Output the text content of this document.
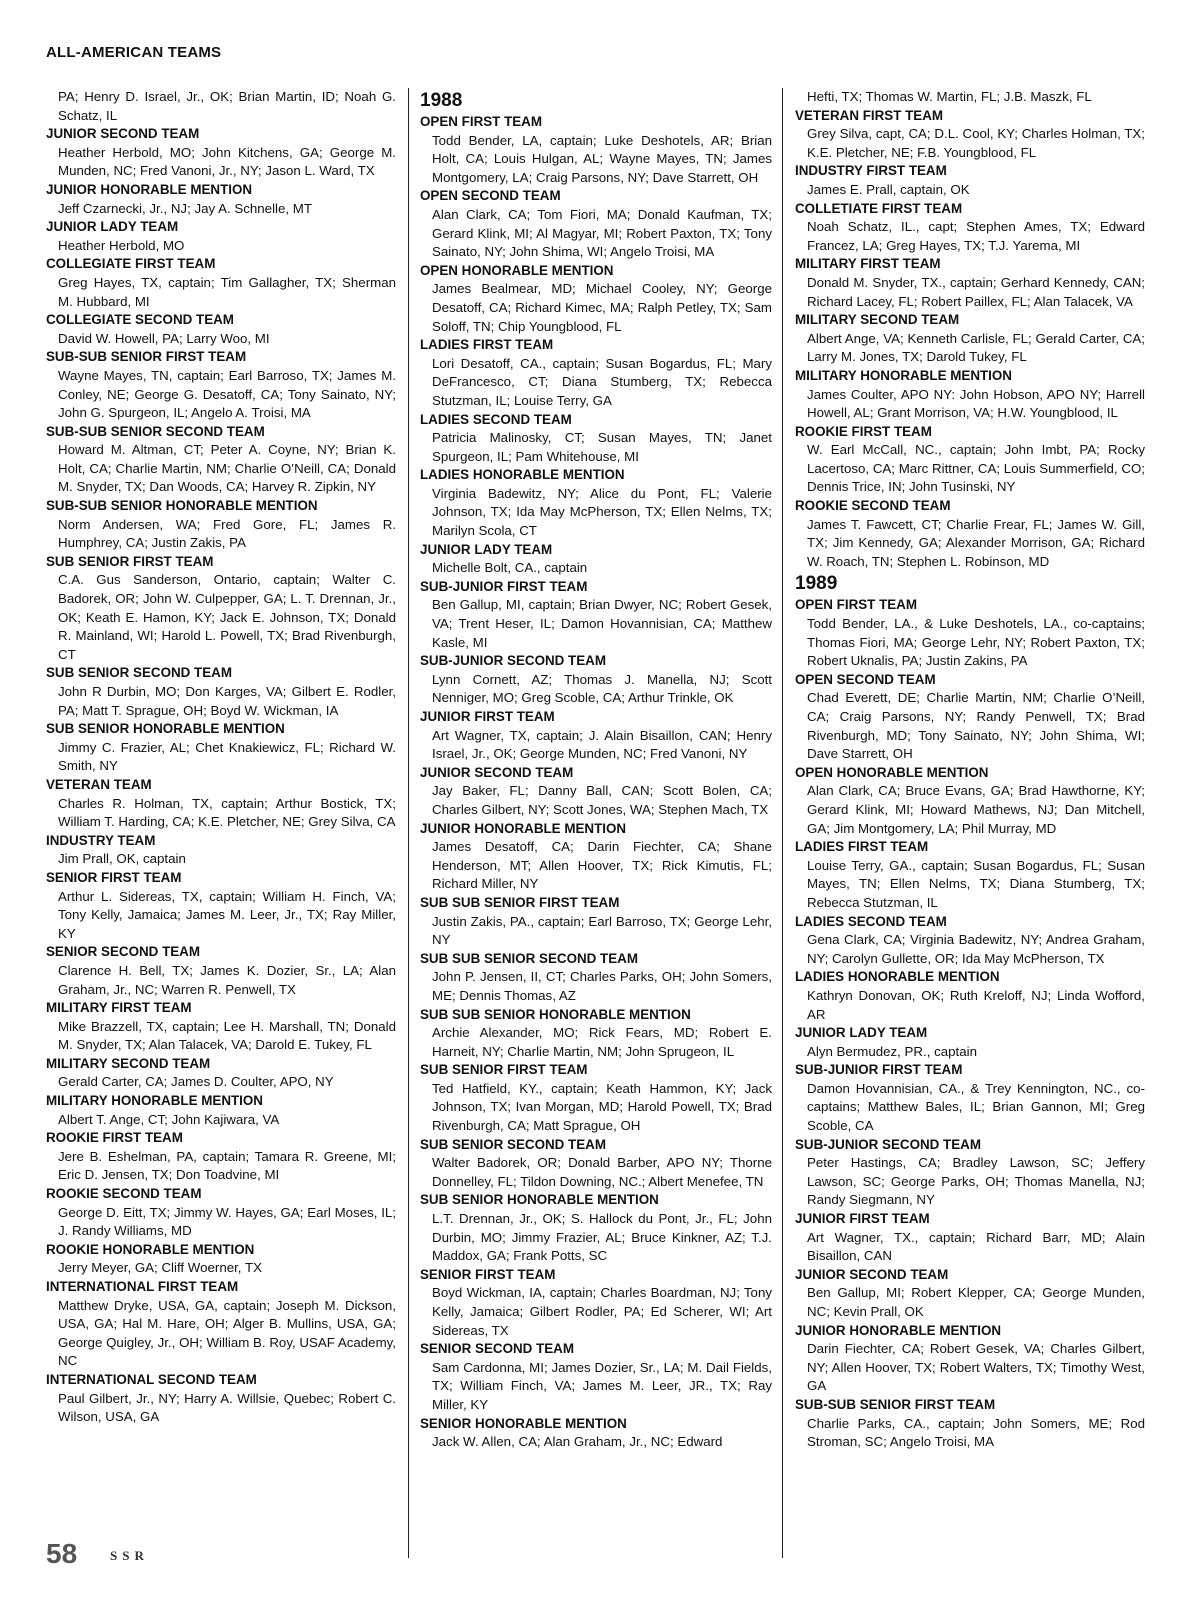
ALL-AMERICAN TEAMS
PA; Henry D. Israel, Jr., OK; Brian Martin, ID; Noah G. Schatz, IL
JUNIOR SECOND TEAM
Heather Herbold, MO; John Kitchens, GA; George M. Munden, NC; Fred Vanoni, Jr., NY; Jason L. Ward, TX
JUNIOR HONORABLE MENTION
Jeff Czarnecki, Jr., NJ; Jay A. Schnelle, MT
JUNIOR LADY TEAM
Heather Herbold, MO
COLLEGIATE FIRST TEAM
Greg Hayes, TX, captain; Tim Gallagher, TX; Sherman M. Hubbard, MI
COLLEGIATE SECOND TEAM
David W. Howell, PA; Larry Woo, MI
SUB-SUB SENIOR FIRST TEAM
Wayne Mayes, TN, captain; Earl Barroso, TX; James M. Conley, NE; George G. Desatoff, CA; Tony Sainato, NY; John G. Spurgeon, IL; Angelo A. Troisi, MA
SUB-SUB SENIOR SECOND TEAM
Howard M. Altman, CT; Peter A. Coyne, NY; Brian K. Holt, CA; Charlie Martin, NM; Charlie O’Neill, CA; Donald M. Snyder, TX; Dan Woods, CA; Harvey R. Zipkin, NY
SUB-SUB SENIOR HONORABLE MENTION
Norm Andersen, WA; Fred Gore, FL; James R. Humphrey, CA; Justin Zakis, PA
SUB SENIOR FIRST TEAM
C.A. Gus Sanderson, Ontario, captain; Walter C. Badorek, OR; John W. Culpepper, GA; L. T. Drennan, Jr., OK; Keath E. Hamon, KY; Jack E. Johnson, TX; Donald R. Mainland, WI; Harold L. Powell, TX; Brad Rivenburgh, CT
SUB SENIOR SECOND TEAM
John R Durbin, MO; Don Karges, VA; Gilbert E. Rodler, PA; Matt T. Sprague, OH; Boyd W. Wickman, IA
SUB SENIOR HONORABLE MENTION
Jimmy C. Frazier, AL; Chet Knakiewicz, FL; Richard W. Smith, NY
VETERAN TEAM
Charles R. Holman, TX, captain; Arthur Bostick, TX; William T. Harding, CA; K.E. Pletcher, NE; Grey Silva, CA
INDUSTRY TEAM
Jim Prall, OK, captain
SENIOR FIRST TEAM
Arthur L. Sidereas, TX, captain; William H. Finch, VA; Tony Kelly, Jamaica; James M. Leer, Jr., TX; Ray Miller, KY
SENIOR SECOND TEAM
Clarence H. Bell, TX; James K. Dozier, Sr., LA; Alan Graham, Jr., NC; Warren R. Penwell, TX
MILITARY FIRST TEAM
Mike Brazzell, TX, captain; Lee H. Marshall, TN; Donald M. Snyder, TX; Alan Talacek, VA; Darold E. Tukey, FL
MILITARY SECOND TEAM
Gerald Carter, CA; James D. Coulter, APO, NY
MILITARY HONORABLE MENTION
Albert T. Ange, CT; John Kajiwara, VA
ROOKIE FIRST TEAM
Jere B. Eshelman, PA, captain; Tamara R. Greene, MI; Eric D. Jensen, TX; Don Toadvine, MI
ROOKIE SECOND TEAM
George D. Eitt, TX; Jimmy W. Hayes, GA; Earl Moses, IL; J. Randy Williams, MD
ROOKIE HONORABLE MENTION
Jerry Meyer, GA; Cliff Woerner, TX
INTERNATIONAL FIRST TEAM
Matthew Dryke, USA, GA, captain; Joseph M. Dickson, USA, GA; Hal M. Hare, OH; Alger B. Mullins, USA, GA; George Quigley, Jr., OH; William B. Roy, USAF Academy, NC
INTERNATIONAL SECOND TEAM
Paul Gilbert, Jr., NY; Harry A. Willsie, Quebec; Robert C. Wilson, USA, GA
1988
OPEN FIRST TEAM
Todd Bender, LA, captain; Luke Deshotels, AR; Brian Holt, CA; Louis Hulgan, AL; Wayne Mayes, TN; James Montgomery, LA; Craig Parsons, NY; Dave Starrett, OH
OPEN SECOND TEAM
Alan Clark, CA; Tom Fiori, MA; Donald Kaufman, TX; Gerard Klink, MI; Al Magyar, MI; Robert Paxton, TX; Tony Sainato, NY; John Shima, WI; Angelo Troisi, MA
OPEN HONORABLE MENTION
James Bealmear, MD; Michael Cooley, NY; George Desatoff, CA; Richard Kimec, MA; Ralph Petley, TX; Sam Soloff, TN; Chip Youngblood, FL
LADIES FIRST TEAM
Lori Desatoff, CA., captain; Susan Bogardus, FL; Mary DeFrancesco, CT; Diana Stumberg, TX; Rebecca Stutzman, IL; Louise Terry, GA
LADIES SECOND TEAM
Patricia Malinosky, CT; Susan Mayes, TN; Janet Spurgeon, IL; Pam Whitehouse, MI
LADIES HONORABLE MENTION
Virginia Badewitz, NY; Alice du Pont, FL; Valerie Johnson, TX; Ida May McPherson, TX; Ellen Nelms, TX; Marilyn Scola, CT
JUNIOR LADY TEAM
Michelle Bolt, CA., captain
SUB-JUNIOR FIRST TEAM
Ben Gallup, MI, captain; Brian Dwyer, NC; Robert Gesek, VA; Trent Heser, IL; Damon Hovannisian, CA; Matthew Kasle, MI
SUB-JUNIOR SECOND TEAM
Lynn Cornett, AZ; Thomas J. Manella, NJ; Scott Nenniger, MO; Greg Scoble, CA; Arthur Trinkle, OK
JUNIOR FIRST TEAM
Art Wagner, TX, captain; J. Alain Bisaillon, CAN; Henry Israel, Jr., OK; George Munden, NC; Fred Vanoni, NY
JUNIOR SECOND TEAM
Jay Baker, FL; Danny Ball, CAN; Scott Bolen, CA; Charles Gilbert, NY; Scott Jones, WA; Stephen Mach, TX
JUNIOR HONORABLE MENTION
James Desatoff, CA; Darin Fiechter, CA; Shane Henderson, MT; Allen Hoover, TX; Rick Kimutis, FL; Richard Miller, NY
SUB SUB SENIOR FIRST TEAM
Justin Zakis, PA., captain; Earl Barroso, TX; George Lehr, NY
SUB SUB SENIOR SECOND TEAM
John P. Jensen, II, CT; Charles Parks, OH; John Somers, ME; Dennis Thomas, AZ
SUB SUB SENIOR HONORABLE MENTION
Archie Alexander, MO; Rick Fears, MD; Robert E. Harneit, NY; Charlie Martin, NM; John Sprugeon, IL
SUB SENIOR FIRST TEAM
Ted Hatfield, KY., captain; Keath Hammon, KY; Jack Johnson, TX; Ivan Morgan, MD; Harold Powell, TX; Brad Rivenburgh, CA; Matt Sprague, OH
SUB SENIOR SECOND TEAM
Walter Badorek, OR; Donald Barber, APO NY; Thorne Donnelley, FL; Tildon Downing, NC.; Albert Menefee, TN
SUB SENIOR HONORABLE MENTION
L.T. Drennan, Jr., OK; S. Hallock du Pont, Jr., FL; John Durbin, MO; Jimmy Frazier, AL; Bruce Kinkner, AZ; T.J. Maddox, GA; Frank Potts, SC
SENIOR FIRST TEAM
Boyd Wickman, IA, captain; Charles Boardman, NJ; Tony Kelly, Jamaica; Gilbert Rodler, PA; Ed Scherer, WI; Art Sidereas, TX
SENIOR SECOND TEAM
Sam Cardonna, MI; James Dozier, Sr., LA; M. Dail Fields, TX; William Finch, VA; James M. Leer, JR., TX; Ray Miller, KY
SENIOR HONORABLE MENTION
Jack W. Allen, CA; Alan Graham, Jr., NC; Edward
Hefti, TX; Thomas W. Martin, FL; J.B. Maszk, FL
VETERAN FIRST TEAM
Grey Silva, capt, CA; D.L. Cool, KY; Charles Holman, TX; K.E. Pletcher, NE; F.B. Youngblood, FL
INDUSTRY FIRST TEAM
James E. Prall, captain, OK
COLLETIATE FIRST TEAM
Noah Schatz, IL., capt; Stephen Ames, TX; Edward Francez, LA; Greg Hayes, TX; T.J. Yarema, MI
MILITARY FIRST TEAM
Donald M. Snyder, TX., captain; Gerhard Kennedy, CAN; Richard Lacey, FL; Robert Paillex, FL; Alan Talacek, VA
MILITARY SECOND TEAM
Albert Ange, VA; Kenneth Carlisle, FL; Gerald Carter, CA; Larry M. Jones, TX; Darold Tukey, FL
MILITARY HONORABLE MENTION
James Coulter, APO NY: John Hobson, APO NY; Harrell Howell, AL; Grant Morrison, VA; H.W. Youngblood, IL
ROOKIE FIRST TEAM
W. Earl McCall, NC., captain; John Imbt, PA; Rocky Lacertoso, CA; Marc Rittner, CA; Louis Summerfield, CO; Dennis Trice, IN; John Tusinski, NY
ROOKIE SECOND TEAM
James T. Fawcett, CT; Charlie Frear, FL; James W. Gill, TX; Jim Kennedy, GA; Alexander Morrison, GA; Richard W. Roach, TN; Stephen L. Robinson, MD
1989
OPEN FIRST TEAM
Todd Bender, LA., & Luke Deshotels, LA., co-captains; Thomas Fiori, MA; George Lehr, NY; Robert Paxton, TX; Robert Uknalis, PA; Justin Zakins, PA
OPEN SECOND TEAM
Chad Everett, DE; Charlie Martin, NM; Charlie O’Neill, CA; Craig Parsons, NY; Randy Penwell, TX; Brad Rivenburgh, MD; Tony Sainato, NY; John Shima, WI; Dave Starrett, OH
OPEN HONORABLE MENTION
Alan Clark, CA; Bruce Evans, GA; Brad Hawthorne, KY; Gerard Klink, MI; Howard Mathews, NJ; Dan Mitchell, GA; Jim Montgomery, LA; Phil Murray, MD
LADIES FIRST TEAM
Louise Terry, GA., captain; Susan Bogardus, FL; Susan Mayes, TN; Ellen Nelms, TX; Diana Stumberg, TX; Rebecca Stutzman, IL
LADIES SECOND TEAM
Gena Clark, CA; Virginia Badewitz, NY; Andrea Graham, NY; Carolyn Gullette, OR; Ida May McPherson, TX
LADIES HONORABLE MENTION
Kathryn Donovan, OK; Ruth Kreloff, NJ; Linda Wofford, AR
JUNIOR LADY TEAM
Alyn Bermudez, PR., captain
SUB-JUNIOR FIRST TEAM
Damon Hovannisian, CA., & Trey Kennington, NC., co-captains; Matthew Bales, IL; Brian Gannon, MI; Greg Scoble, CA
SUB-JUNIOR SECOND TEAM
Peter Hastings, CA; Bradley Lawson, SC; Jeffery Lawson, SC; George Parks, OH; Thomas Manella, NJ; Randy Siegmann, NY
JUNIOR FIRST TEAM
Art Wagner, TX., captain; Richard Barr, MD; Alain Bisaillon, CAN
JUNIOR SECOND TEAM
Ben Gallup, MI; Robert Klepper, CA; George Munden, NC; Kevin Prall, OK
JUNIOR HONORABLE MENTION
Darin Fiechter, CA; Robert Gesek, VA; Charles Gilbert, NY; Allen Hoover, TX; Robert Walters, TX; Timothy West, GA
SUB-SUB SENIOR FIRST TEAM
Charlie Parks, CA., captain; John Somers, ME; Rod Stroman, SC; Angelo Troisi, MA
58	SSR
